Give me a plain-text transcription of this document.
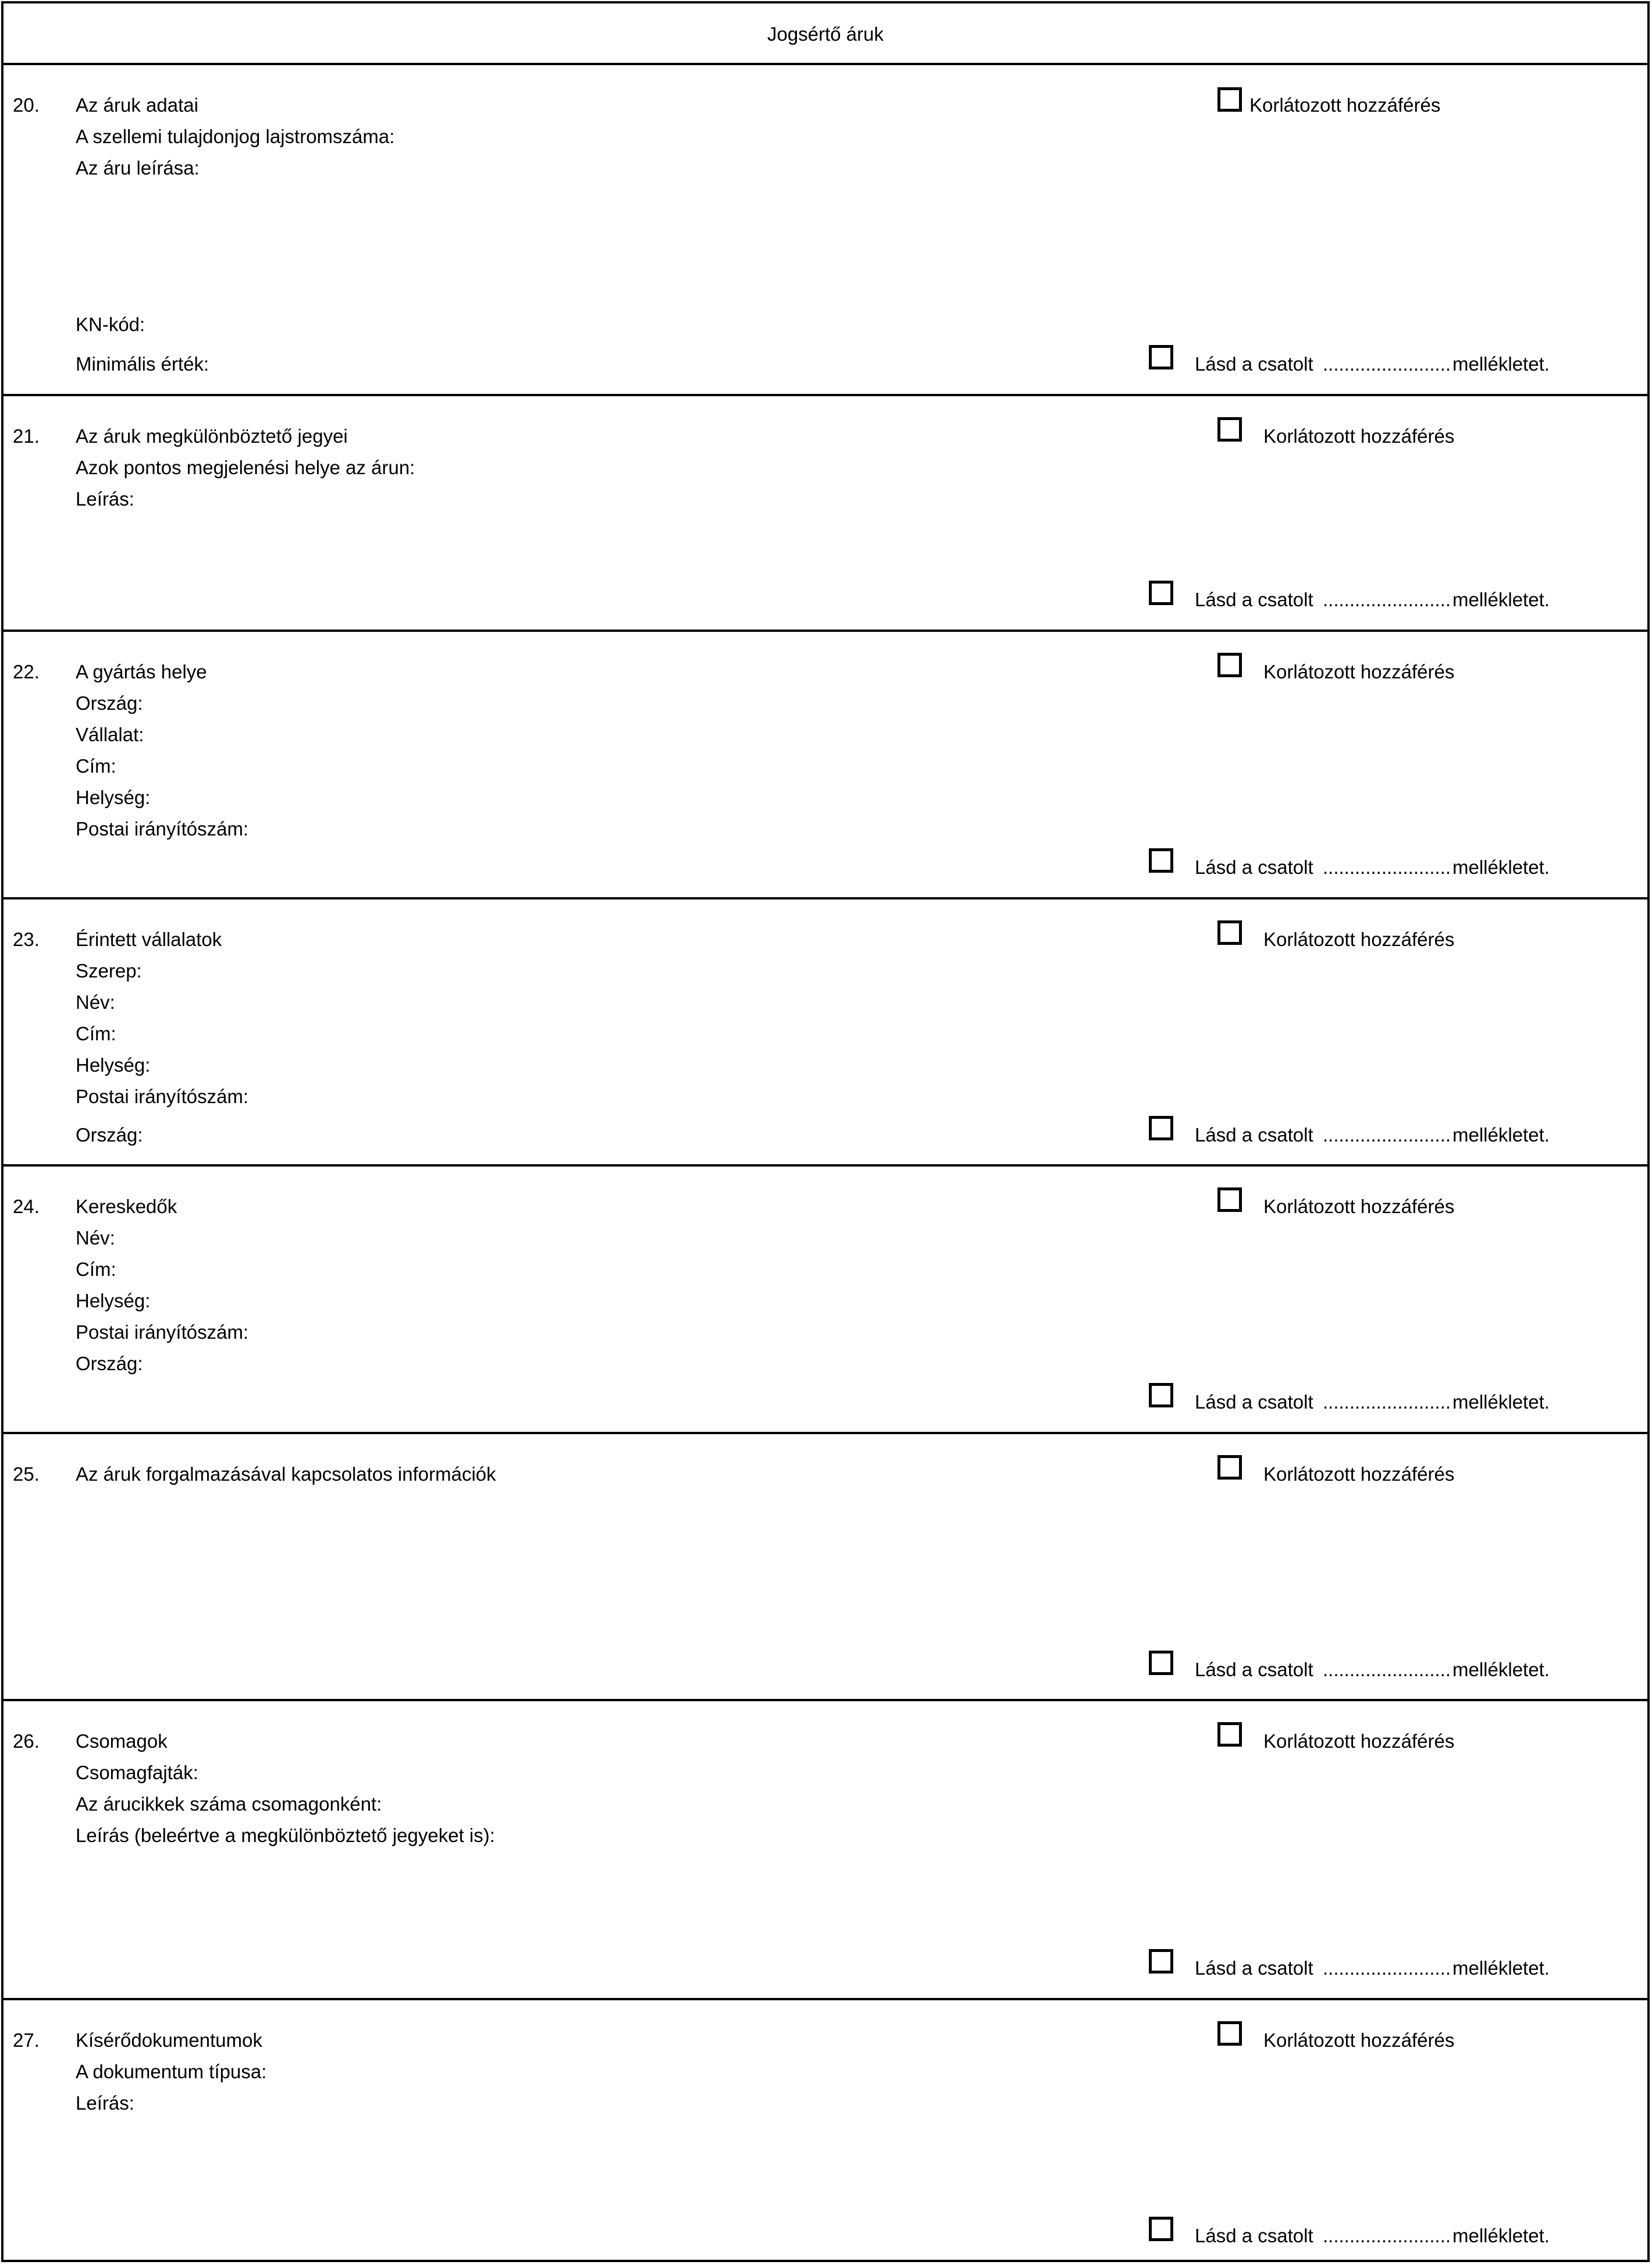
Jogsértő áruk
20. Az áruk adatai
A szellemi tulajdonjog lajstromszáma:
Az áru leírása:
KN-kód:
Minimális érték:
Korlátozott hozzáférés
Lásd a csatolt ........................ mellékletet.
21. Az áruk megkülönböztető jegyei
Azok pontos megjelenési helye az árun:
Leírás:
Korlátozott hozzáférés
Lásd a csatolt ........................ mellékletet.
22. A gyártás helye
Ország:
Vállalat:
Cím:
Helység:
Postai irányítószám:
Korlátozott hozzáférés
Lásd a csatolt ........................ mellékletet.
23. Érintett vállalatok
Szerep:
Név:
Cím:
Helység:
Postai irányítószám:
Ország:
Korlátozott hozzáférés
Lásd a csatolt ........................ mellékletet.
24. Kereskedők
Név:
Cím:
Helység:
Postai irányítószám:
Ország:
Korlátozott hozzáférés
Lásd a csatolt ........................ mellékletet.
25. Az áruk forgalmazásával kapcsolatos információk	Korlátozott hozzáférés
Lásd a csatolt ........................ mellékletet.
26. Csomagok
Csomagfajták:
Az árucikkek száma csomagonként:
Leírás (beleértve a megkülönböztető jegyeket is):
Korlátozott hozzáférés
Lásd a csatolt ........................ mellékletet.
27. Kísérődokumentumok
A dokumentum típusa:
Leírás:
Korlátozott hozzáférés
Lásd a csatolt ........................ mellékletet.
